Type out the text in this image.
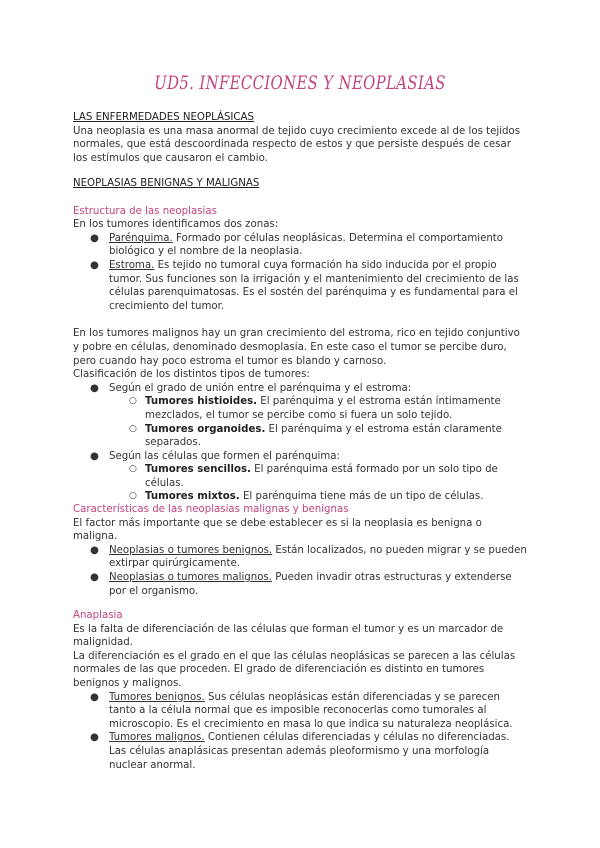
UD5. INFECCIONES Y NEOPLASIAS

LAS ENFERMEDADES NEOPLÁSICAS

Una neoplasia es una masa anormal de tejido cuyo crecimiento excede al de los tejidos normales, que está descoordinada respecto de estos y que persiste después de cesar los estímulos que causaron el cambio.

NEOPLASIAS BENIGNAS Y MALIGNAS

Estructura de las neoplasias

En los tumores identificamos dos zonas:

● Parénquima. Formado por células neoplásicas. Determina el comportamiento biológico y el nombre de la neoplasia.
● Estroma. Es tejido no tumoral cuya formación ha sido inducida por el propio tumor. Sus funciones son la irrigación y el mantenimiento del crecimiento de las células parenquimatosas. Es el sostén del parénquima y es fundamental para el crecimiento del tumor.

En los tumores malignos hay un gran crecimiento del estroma, rico en tejido conjuntivo y pobre en células, denominado desmoplasia. En este caso el tumor se percibe duro, pero cuando hay poco estroma el tumor es blando y carnoso.

Clasificación de los distintos tipos de tumores:

● Según el grado de unión entre el parénquima y el estroma:
○ Tumores histioides. El parénquima y el estroma están íntimamente mezclados, el tumor se percibe como si fuera un solo tejido.
○ Tumores organoides. El parénquima y el estroma están claramente separados.
● Según las células que formen el parénquima:
○ Tumores sencillos. El parénquima está formado por un solo tipo de células.
○ Tumores mixtos. El parénquima tiene más de un tipo de células.

Características de las neoplasias malignas y benignas

El factor más importante que se debe establecer es si la neoplasia es benigna o maligna.

● Neoplasias o tumores benignos. Están localizados, no pueden migrar y se pueden extirpar quirúrgicamente.
● Neoplasias o tumores malignos. Pueden invadir otras estructuras y extenderse por el organismo.

Anaplasia

Es la falta de diferenciación de las células que forman el tumor y es un marcador de malignidad.

La diferenciación es el grado en el que las células neoplásicas se parecen a las células normales de las que proceden. El grado de diferenciación es distinto en tumores benignos y malignos.

● Tumores benignos. Sus células neoplásicas están diferenciadas y se parecen tanto a la célula normal que es imposible reconocerlas como tumorales al microscopio. Es el crecimiento en masa lo que indica su naturaleza neoplásica.
● Tumores malignos. Contienen células diferenciadas y células no diferenciadas. Las células anaplásicas presentan además pleoformismo y una morfología nuclear anormal.
